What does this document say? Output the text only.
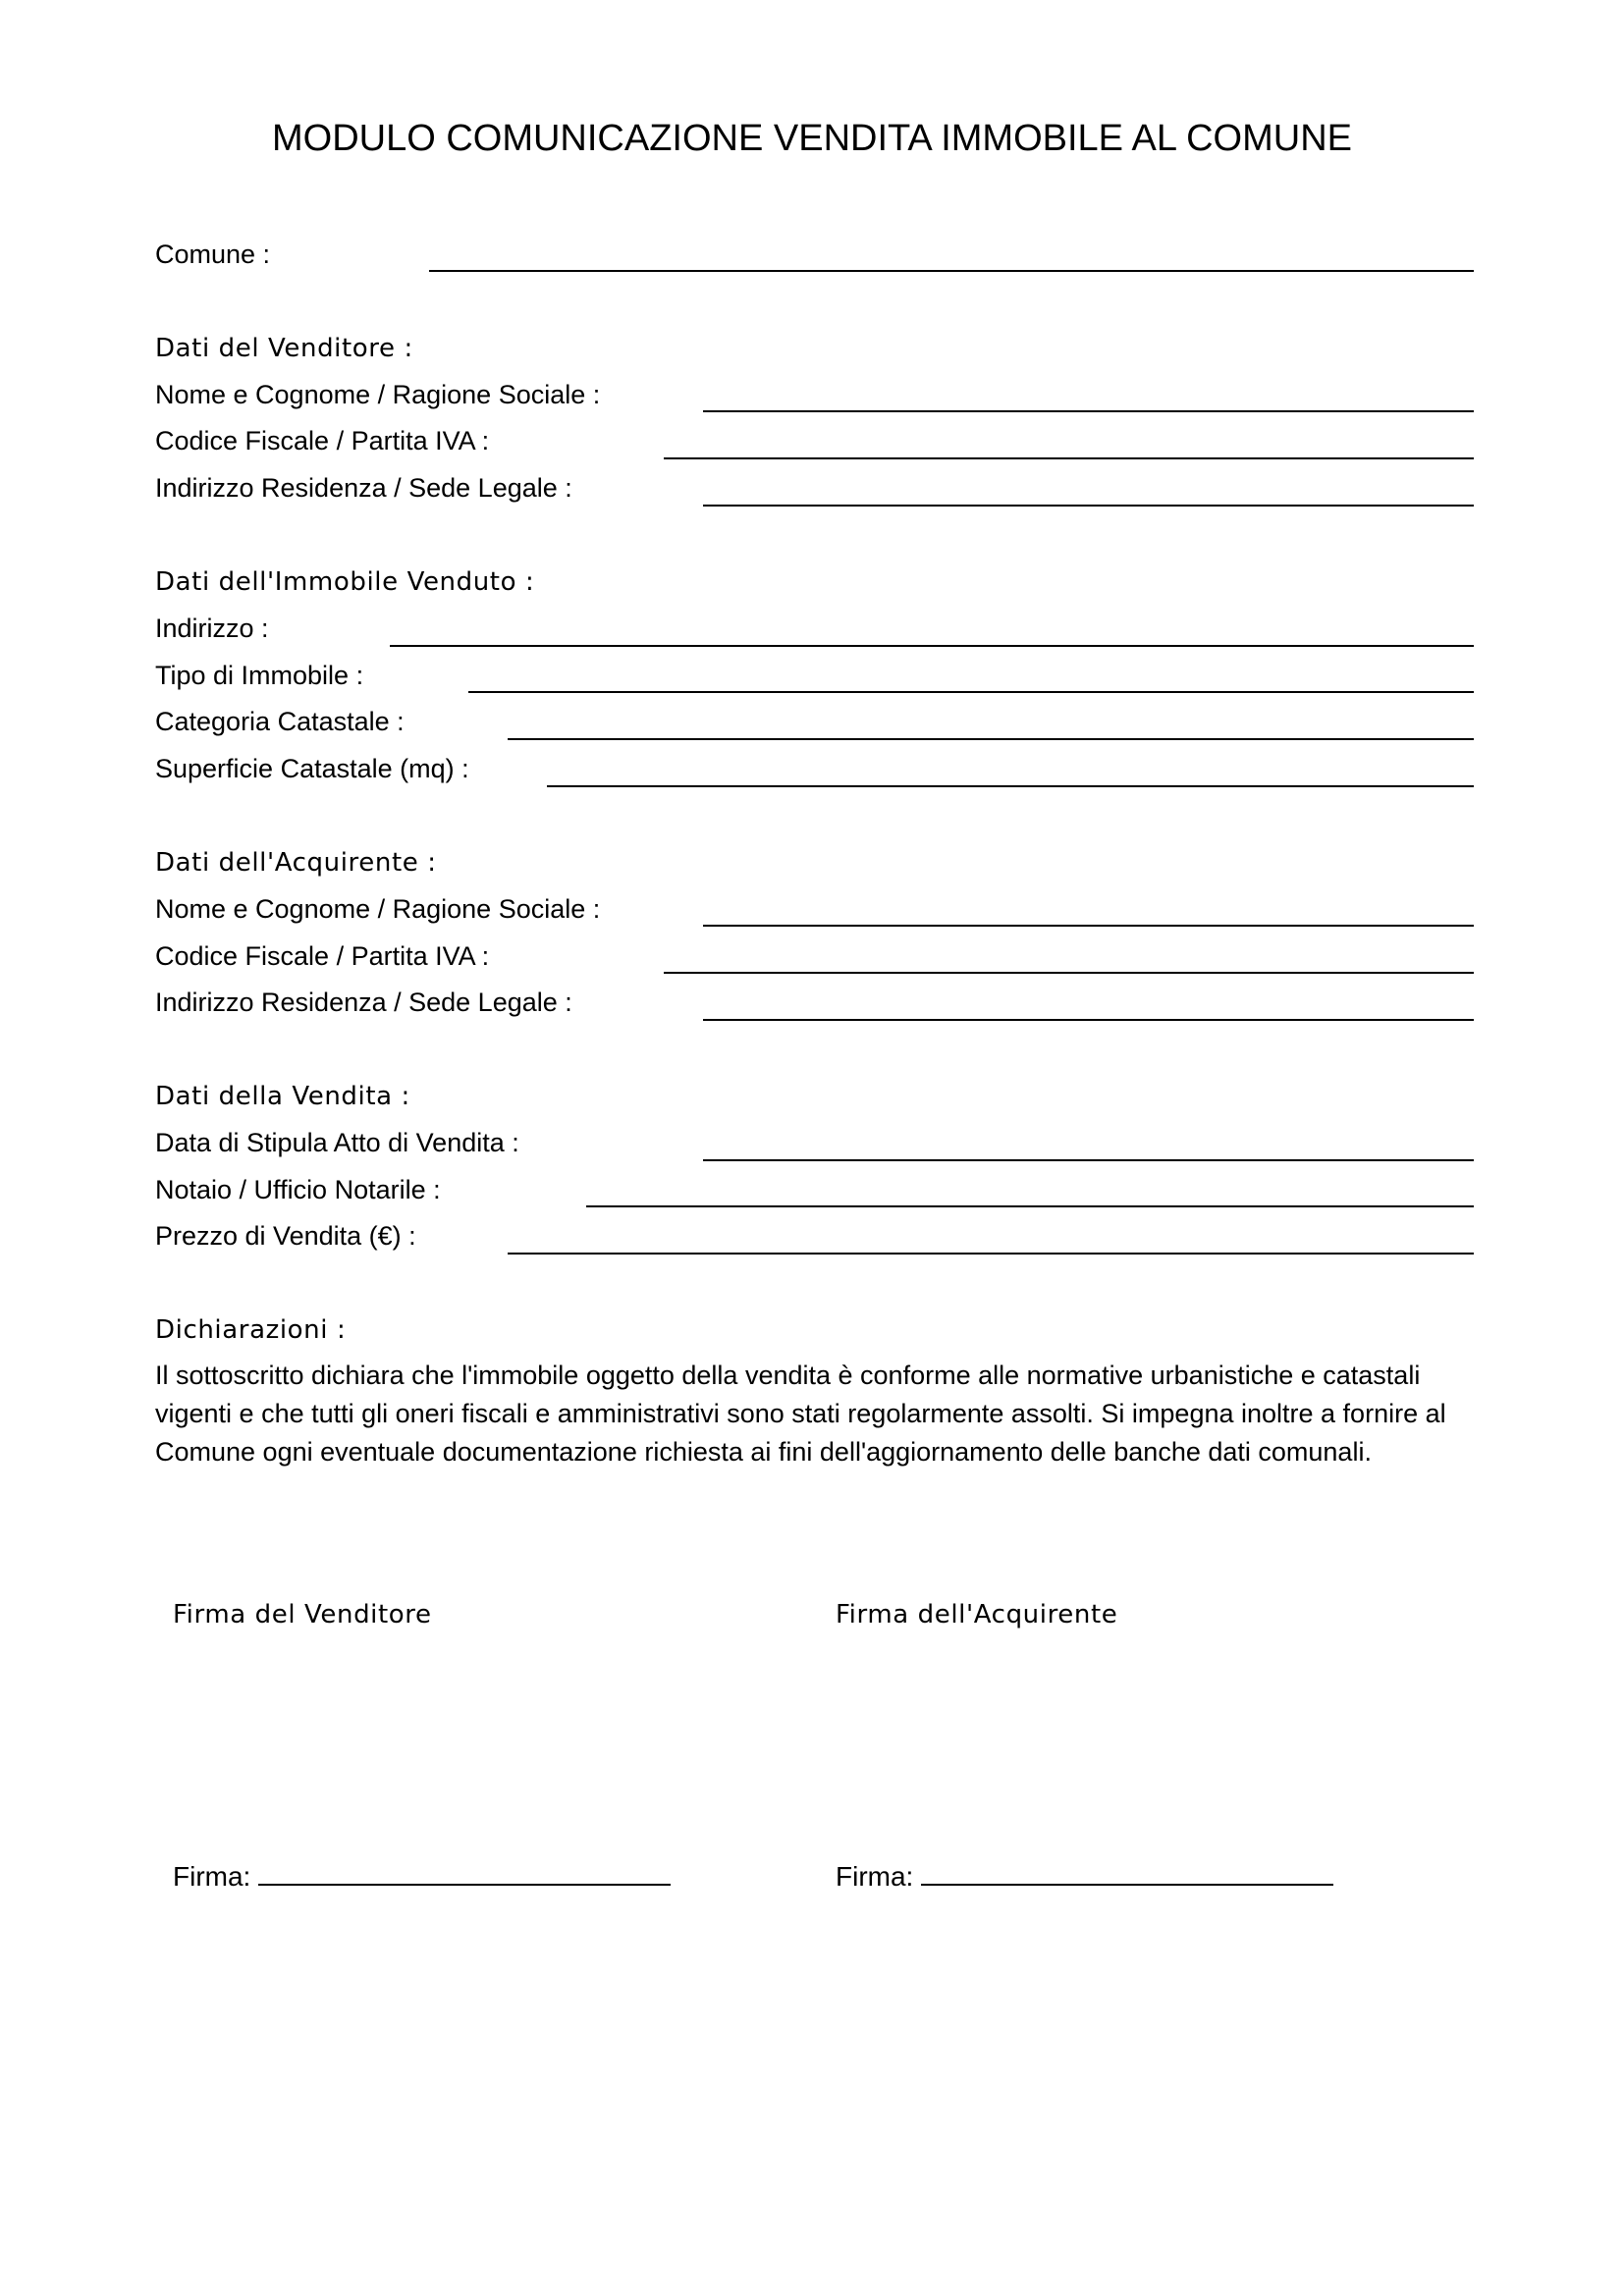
MODULO COMUNICAZIONE VENDITA IMMOBILE AL COMUNE
Comune :
Dati del Venditore :
Nome e Cognome / Ragione Sociale :
Codice Fiscale / Partita IVA :
Indirizzo Residenza / Sede Legale :
Dati dell'Immobile Venduto :
Indirizzo :
Tipo di Immobile :
Categoria Catastale :
Superficie Catastale (mq) :
Dati dell'Acquirente :
Nome e Cognome / Ragione Sociale :
Codice Fiscale / Partita IVA :
Indirizzo Residenza / Sede Legale :
Dati della Vendita :
Data di Stipula Atto di Vendita :
Notaio / Ufficio Notarile :
Prezzo di Vendita (€) :
Dichiarazioni :
Il sottoscritto dichiara che l'immobile oggetto della vendita è conforme alle normative urbanistiche e catastali vigenti e che tutti gli oneri fiscali e amministrativi sono stati regolarmente assolti. Si impegna inoltre a fornire al Comune ogni eventuale documentazione richiesta ai fini dell'aggiornamento delle banche dati comunali.
Firma del Venditore	Firma dell'Acquirente
Firma:	Firma:
